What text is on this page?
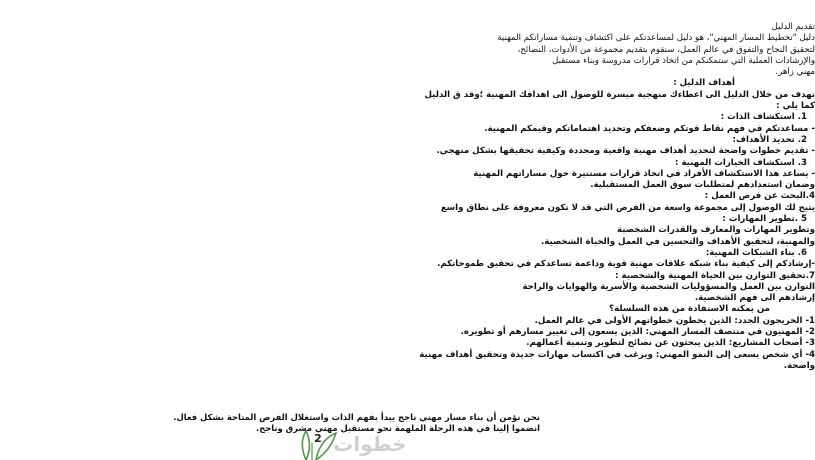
تقديم الدليل
دليل "تخطيط المسار المهني"، هو دليل لمساعدتكم على اكتشاف وتنمية مساراتكم المهنية
لتحقيق النجاح والتفوق في عالم العمل، سنقوم بتقديم مجموعة من الأدوات، النصائح،
والإرشادات العملية التي ستمكنكم من اتخاذ قرارات مدروسة وبناء مستقبل
مهني زاهر.
أهداف الدليل :
نهدف من خلال الدليل الى اعطاءك منهجية ميسرة للوصول الى اهدافك المهنية ؛وقد ق الدليل
كما يلي :
1. استكشاف الذات :
- مساعدتكم في فهم نقاط قوتكم وضعفكم وتحديد اهتماماتكم وقيمكم المهنية.
2. تحديد الأهداف:
- تقديم خطوات واضحة لتحديد أهداف مهنية واقعية ومحددة وكيفية تحقيقها بشكل منهجي.
3. استكشاف الخيارات المهنية :
- يساعد هذا الاستكشاف الأفراد في اتخاذ قرارات مستنيرة حول مساراتهم المهنية
وضمان استعدادهم لمتطلبات سوق العمل المستقبلية.
4.البحث عن فرص العمل :
يتيح لك الوصول إلى مجموعة واسعة من الفرص التي قد لا تكون معروفة على نطاق واسع
5 .تطوير المهارات :
وتطوير المهارات والمعارف والقدرات الشخصية
والمهنية، لتحقيق الأهداف والتحسين في العمل والحياة الشخصية.
6. بناء الشبكات المهنية:
-إرشادكم إلى كيفية بناء شبكة علاقات مهنية قوية وداعمة تساعدكم في تحقيق طموحاتكم.
7.تحقيق التوازن بين الحياة المهنية والشخصية :
التوازن بين العمل والمسؤوليات الشخصية والأسرية والهوايات والراحة
إرشادهم الى فهم الشخصية.
من يمكنه الاستفادة من هذه السلسلة؟
1- الخريجون الجدد: الذين يخطون خطواتهم الأولى في عالم العمل.
2- المهنيون في منتصف المسار المهني: الذين يسعون إلى تغيير مسارهم أو تطويره.
3- أصحاب المشاريع: الذين يبحثون عن نصائح لتطوير وتنمية أعمالهم.
4- أي شخص يسعى إلى النمو المهني: ويرغب في اكتساب مهارات جديدة وتحقيق أهداف مهنية
واضحة.
نحن نؤمن أن بناء مسار مهني ناجح يبدأ بفهم الذات واستغلال الفرص المتاحة بشكل فعال.
انضموا إلينا في هذه الرحلة الملهمة نحو مستقبل مهني مشرق وناجح.
خطوات
2
